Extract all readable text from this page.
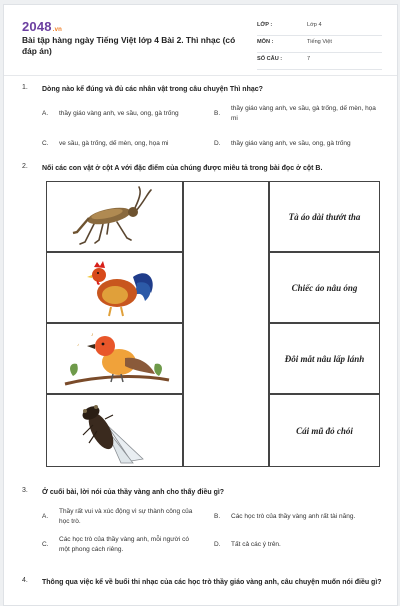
2048.vn
Bài tập hàng ngày Tiếng Việt lớp 4 Bài 2. Thì nhạc (có đáp án)
LỚP :	Lớp 4
MÔN :	Tiếng Việt
SỐ CÂU :	7
1. Dòng nào kể đúng và đủ các nhân vật trong câu chuyện Thì nhạc?
A. thầy giáo vàng anh, ve sầu, ong, gà trống	B.
thầy giáo vàng anh, ve sầu, gà trống, dế mèn, họa mi
C. ve sầu, gà trống, dế mèn, ong, họa mi	D. thầy giáo vàng anh, ve sầu, ong, gà trống
2. Nối các con vật ở cột A với đặc điểm của chúng được miêu tả trong bài đọc ở cột B.
♪
♪
Tà áo dài thướt tha
Chiếc áo nâu óng
Đôi mắt nâu lấp lánh
Cái mũ đỏ chói
3. Ở cuối bài, lời nói của thầy vàng anh cho thấy điều gì?
A.
Thầy rất vui và xúc động vì sự thành công của học trò.
B. Các học trò của thầy vàng anh rất tài năng.
C.
Các học trò của thầy vàng anh, mỗi người có một phong cách riêng.
D. Tất cả các ý trên.
4. Thông qua việc kể về buổi thi nhạc của các học trò thầy giáo vàng anh, câu chuyện muốn nói điều gì?
